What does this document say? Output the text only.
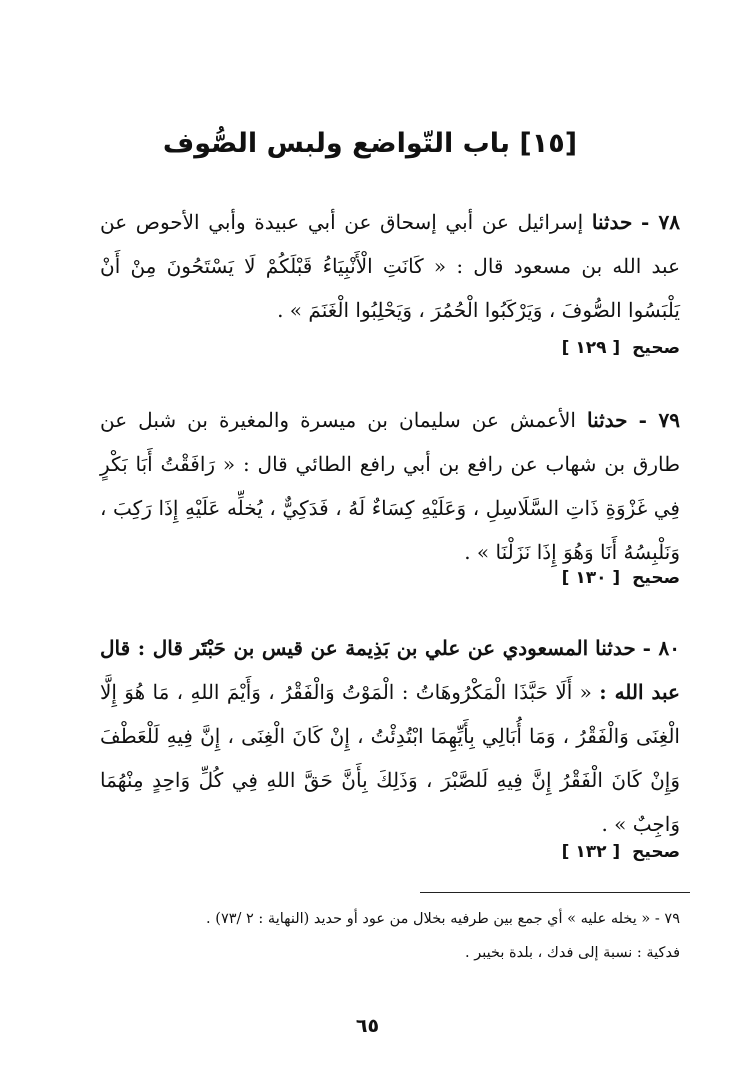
[١٥] باب التّواضع ولبس الصُّوف
٧٨ - حدثنا إسرائيل عن أبي إسحاق عن أبي عبيدة وأبي الأحوص عن عبد الله بن مسعود قال : « كَانَتِ الْأَنْبِيَاءُ قَبْلَكُمْ لَا يَسْتَحُونَ مِنْ أَنْ يَلْبَسُوا الصُّوفَ ، وَيَرْكَبُوا الْحُمُرَ ، وَيَحْلِبُوا الْغَنَمَ » .
صحيح [ ١٢٩ ]
٧٩ - حدثنا الأعمش عن سليمان بن ميسرة والمغيرة بن شبل عن طارق بن شهاب عن رافع بن أبي رافع الطائي قال : « رَافَقْتُ أَبَا بَكْرٍ فِي غَزْوَةِ ذَاتِ السَّلَاسِلِ ، وَعَلَيْهِ كِسَاءٌ لَهُ ، فَدَكِيٌّ ، يُخلِّه عَلَيْهِ إِذَا رَكِبَ ، وَنَلْبِسُهُ أَنَا وَهُوَ إِذَا نَزَلْنَا » .
صحيح [ ١٣٠ ]
٨٠ - حدثنا المسعودي عن علي بن بَذِيمة عن قيس بن حَبْتَر قال : قال عبد الله : « أَلَا حَبَّذَا الْمَكْرُوهَاتُ : الْمَوْتُ وَالْفَقْرُ ، وَأَيْمَ اللهِ ، مَا هُوَ إِلَّا الْغِنَى وَالْفَقْرُ ، وَمَا أُبَالِي بِأَيِّهِمَا ابْتُدِئْتُ ، إِنْ كَانَ الْغِنَى ، إِنَّ فِيهِ لَلْعَطْفَ وَإِنْ كَانَ الْفَقْرُ إِنَّ فِيهِ لَلصَّبْرَ ، وَذَلِكَ بِأَنَّ حَقَّ اللهِ فِي كُلِّ وَاحِدٍ مِنْهُمَا وَاجِبٌ » .
صحيح [ ١٣٢ ]
٧٩ - « يخله عليه » أي جمع بين طرفيه بخلال من عود أو حديد (النهاية : ٢ /٧٣) .
فدكية : نسبة إلى فدك ، بلدة بخيبر .
٦٥
